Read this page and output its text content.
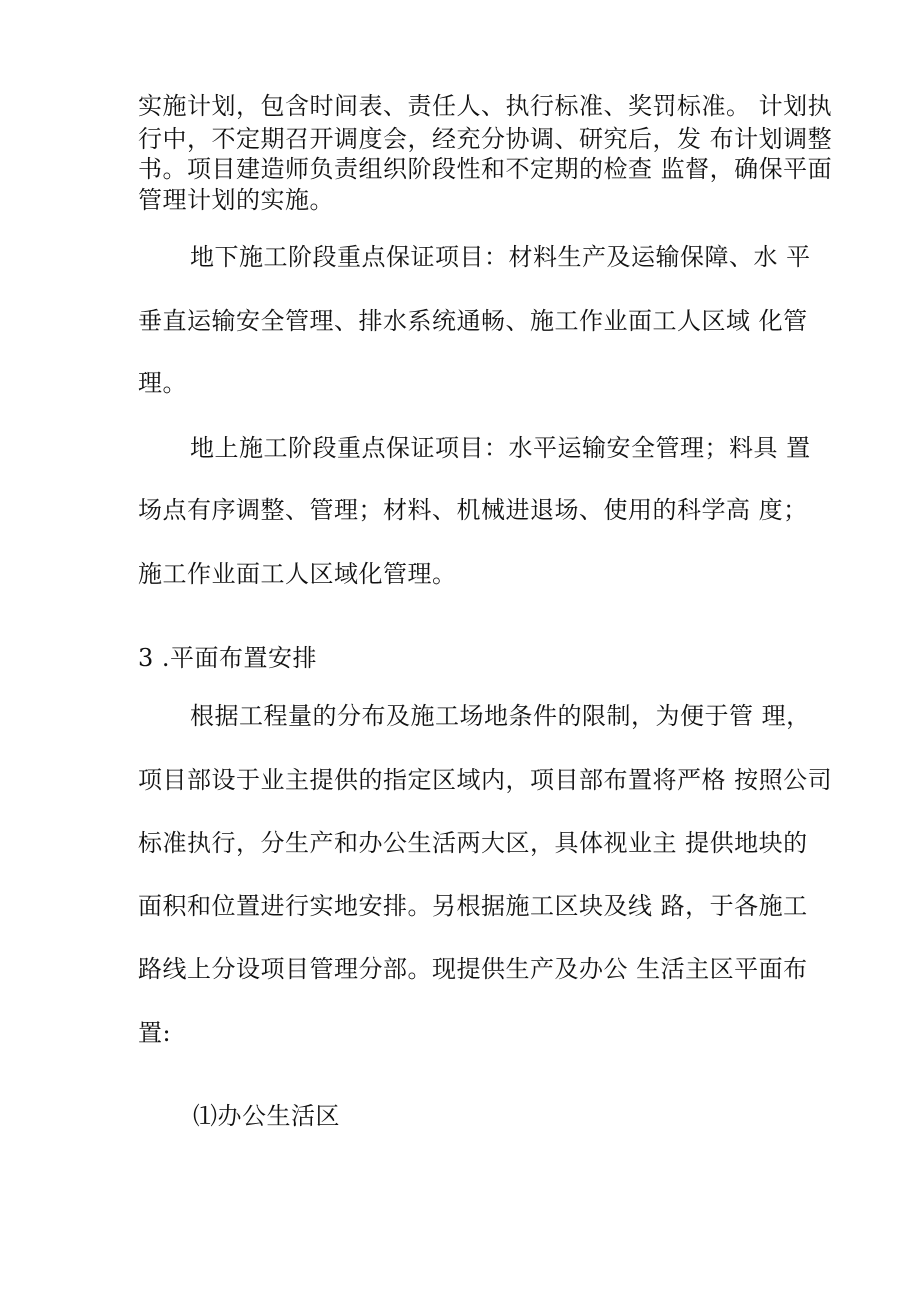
实施计划，包含时间表、责任人、执行标准、奖罚标准。 计划执
行中，不定期召开调度会，经充分协调、研究后，发 布计划调整
书。项目建造师负责组织阶段性和不定期的检查 监督，确保平面
管理计划的实施。
地下施工阶段重点保证项目：材料生产及运输保障、水 平
垂直运输安全管理、排水系统通畅、施工作业面工人区域 化管
理。
地上施工阶段重点保证项目：水平运输安全管理；料具 置
场点有序调整、管理；材料、机械进退场、使用的科学高 度；
施工作业面工人区域化管理。
3 .平面布置安排
根据工程量的分布及施工场地条件的限制，为便于管 理，
项目部设于业主提供的指定区域内，项目部布置将严格 按照公司
标准执行，分生产和办公生活两大区，具体视业主 提供地块的
面积和位置进行实地安排。另根据施工区块及线 路，于各施工
路线上分设项目管理分部。现提供生产及办公 生活主区平面布
置:
⑴办公生活区
